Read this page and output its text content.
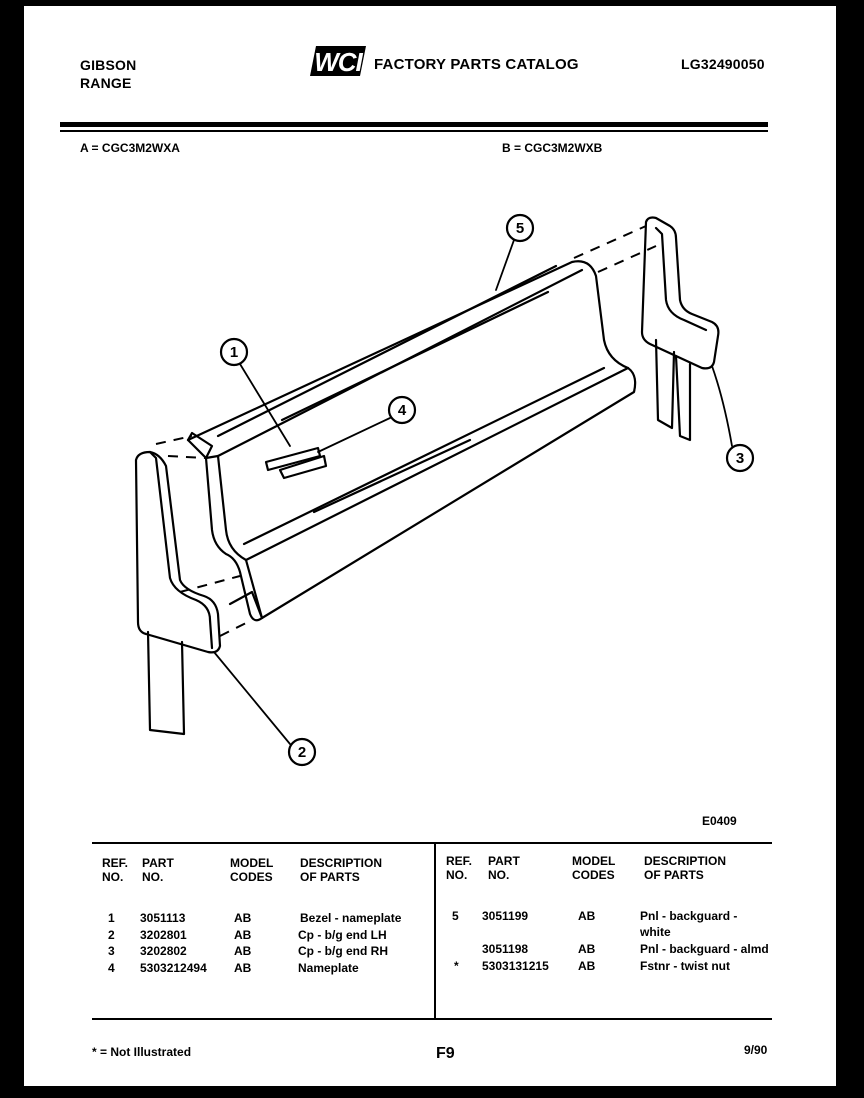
GIBSON
RANGE
WCI FACTORY PARTS CATALOG	LG32490050
A = CGC3M2WXA	B = CGC3M2WXB
1
2
3
4
5
E0409
REF.
NO.
PART
NO.
MODEL
CODES
DESCRIPTION
OF PARTS
REF.
NO.
PART
NO.
MODEL
CODES
DESCRIPTION
OF PARTS
1 3051113	AB	Bezel - nameplate
2 3202801	AB	Cp - b/g end LH
3 3202802	AB	Cp - b/g end RH
4 5303212494 AB	Nameplate
5 3051199	AB	Pnl - backguard -
white
3051198	AB	Pnl - backguard - almd
* 5303131215 AB	Fstnr - twist nut
* = Not Illustrated	F9	9/90
